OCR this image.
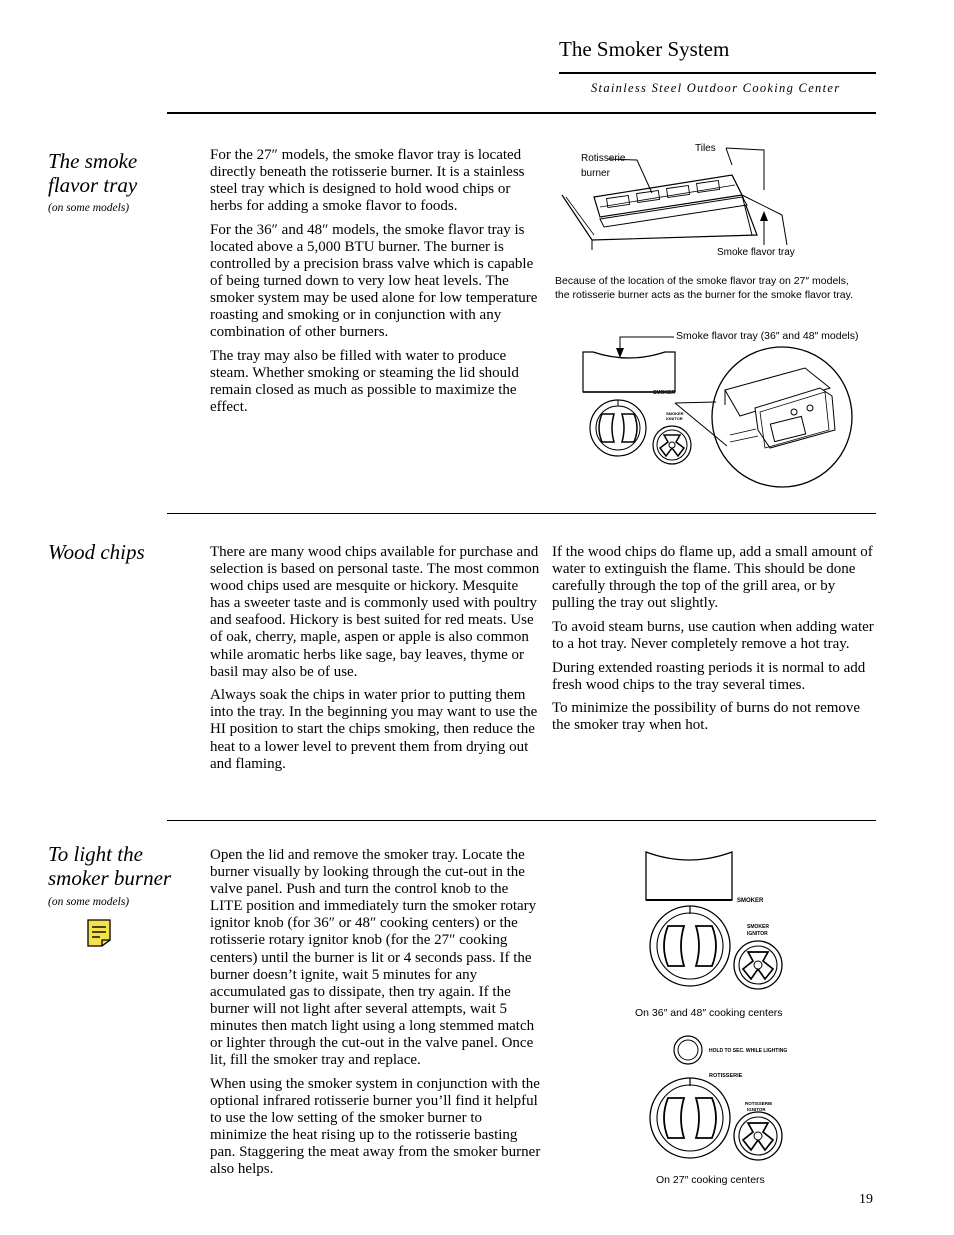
The Smoker System
Stainless Steel Outdoor Cooking Center
The smoke
flavor tray
(on some models)

For the 27″ models, the smoke flavor tray is located directly beneath the rotisserie burner. It is a stainless steel tray which is designed to hold wood chips or herbs for adding a smoke flavor to foods.

For the 36″ and 48″ models, the smoke flavor tray is located above a 5,000 BTU burner. The burner is controlled by a precision brass valve which is capable of being turned down to very low heat levels. The smoker system may be used alone for low temperature roasting and smoking or in conjunction with any combination of other burners.

The tray may also be filled with water to produce steam. Whether smoking or steaming the lid should remain closed as much as possible to maximize the effect.

Tiles
Rotisserie
burner
Smoke flavor tray
Because of the location of the smoke flavor tray on 27″ models,
the rotisserie burner acts as the burner for the smoke flavor tray.
Smoke flavor tray (36″ and 48″ models)
SMOKER
SMOKER
IGNITOR
Wood chips	There are many wood chips available for purchase and selection is based on personal taste. The most common wood chips used are mesquite or hickory. Mesquite has a sweeter taste and is commonly used with poultry and seafood. Hickory is best suited for red meats. Use of oak, cherry, maple, aspen or apple is also common while aromatic herbs like sage, bay leaves, thyme or basil may also be of use.

Always soak the chips in water prior to putting them into the tray. In the beginning you may want to use the HI position to start the chips smoking, then reduce the heat to a lower level to prevent them from drying out and flaming.

If the wood chips do flame up, add a small amount of water to extinguish the flame. This should be done carefully through the top of the grill area, or by pulling the tray out slightly.

To avoid steam burns, use caution when adding water to a hot tray. Never completely remove a hot tray.

During extended roasting periods it is normal to add fresh wood chips to the tray several times.

To minimize the possibility of burns do not remove the smoker tray when hot.

To light the
smoker burner
(on some models)

Open the lid and remove the smoker tray. Locate the burner visually by looking through the cut-out in the valve panel. Push and turn the control knob to the LITE position and immediately turn the smoker rotary ignitor knob (for 36″ or 48″ cooking centers) or the rotisserie rotary ignitor knob (for the 27″ cooking centers) until the burner is lit or 4 seconds pass. If the burner doesn’t ignite, wait 5 minutes for any accumulated gas to dissipate, then try again. If the burner will not light after several attempts, wait 5 minutes then match light using a long stemmed match or lighter through the cut-out in the valve panel. Once lit, fill the smoker tray and replace.

When using the smoker system in conjunction with the optional infrared rotisserie burner you’ll find it helpful to use the low setting of the smoker burner to minimize the heat rising up to the rotisserie basting pan. Staggering the meat away from the smoker burner also helps.

SMOKER
SMOKER
IGNITOR
On 36″ and 48″ cooking centers
HOLD TO SEC. WHILE LIGHTING
ROTISSERIE
ROTISSERIE
IGNITOR
On 27″ cooking centers
19
